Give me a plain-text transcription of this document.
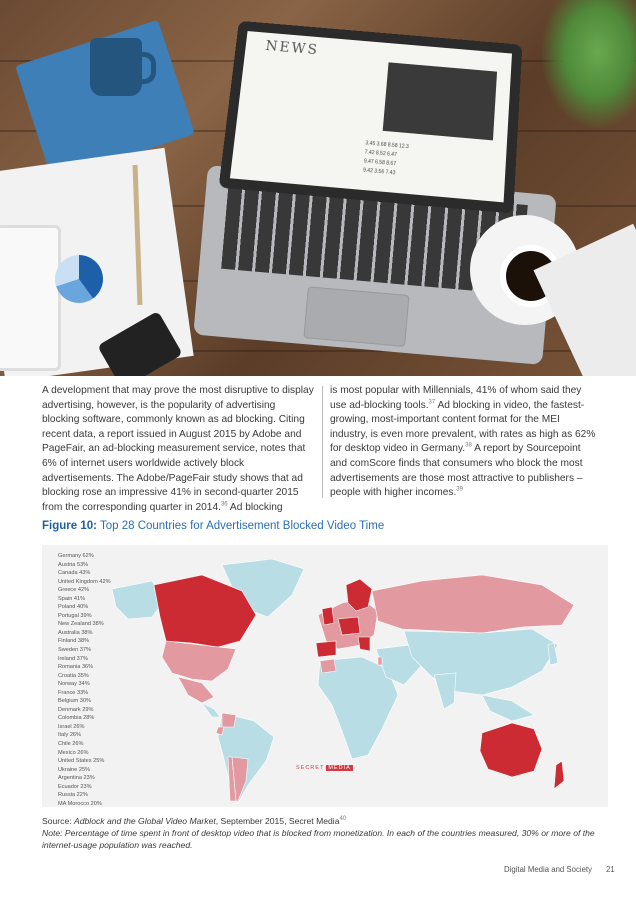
NEWS
3.45 3.68 8.58 12.3
7.42 8.52 6.47
9.47 6.58 8.67
9.42 3.56 7.43
A development that may prove the most disruptive to display advertising, however, is the popularity of advertising blocking software, commonly known as ad blocking. Citing recent data, a report issued in August 2015 by Adobe and PageFair, an ad-blocking measurement service, notes that 6% of internet users worldwide actively block advertisements. The Adobe/PageFair study shows that ad blocking rose an impressive 41% in second-quarter 2015 from the corresponding quarter in 2014.36 Ad blocking
is most popular with Millennials, 41% of whom said they use ad-blocking tools.$^{37}$ Ad blocking in video, the fastest-growing, most-important content format for the MEI industry, is even more prevalent, with rates as high as 62% for desktop video in Germany.$^{38}$ A report by Sourcepoint and comScore finds that consumers who block the most advertisements are those most attractive to publishers – people with higher incomes.$^{39}$
Figure 10: Top 28 Countries for Advertisement Blocked Video Time
Germany 62%
Austria 53%
Canada 43%
United Kingdom 42%
Greece 42%
Spain 41%
Poland 40%
Portugal 39%
New Zealand 38%
Australia 38%
Finland 38%
Sweden 37%
Ireland 37%
Romania 36%
Croatia 35%
Norway 34%
France 33%
Belgium 30%
Denmark 29%
Colombia 28%
Israel 26%
Italy 26%
Chile 26%
Mexico 26%
United States 25%
Ukraine 25%
Argentina 23%
Ecuador 23%
Russia 22%
MA Morocco 20%
SECRET MEDIA
Source: Adblock and the Global Video Market, September 2015, Secret Media$^{40}$
Note: Percentage of time spent in front of desktop video that is blocked from monetization. In each of the countries measured, 30% or more of the internet-usage population was reached.
Digital Media and Society 21
